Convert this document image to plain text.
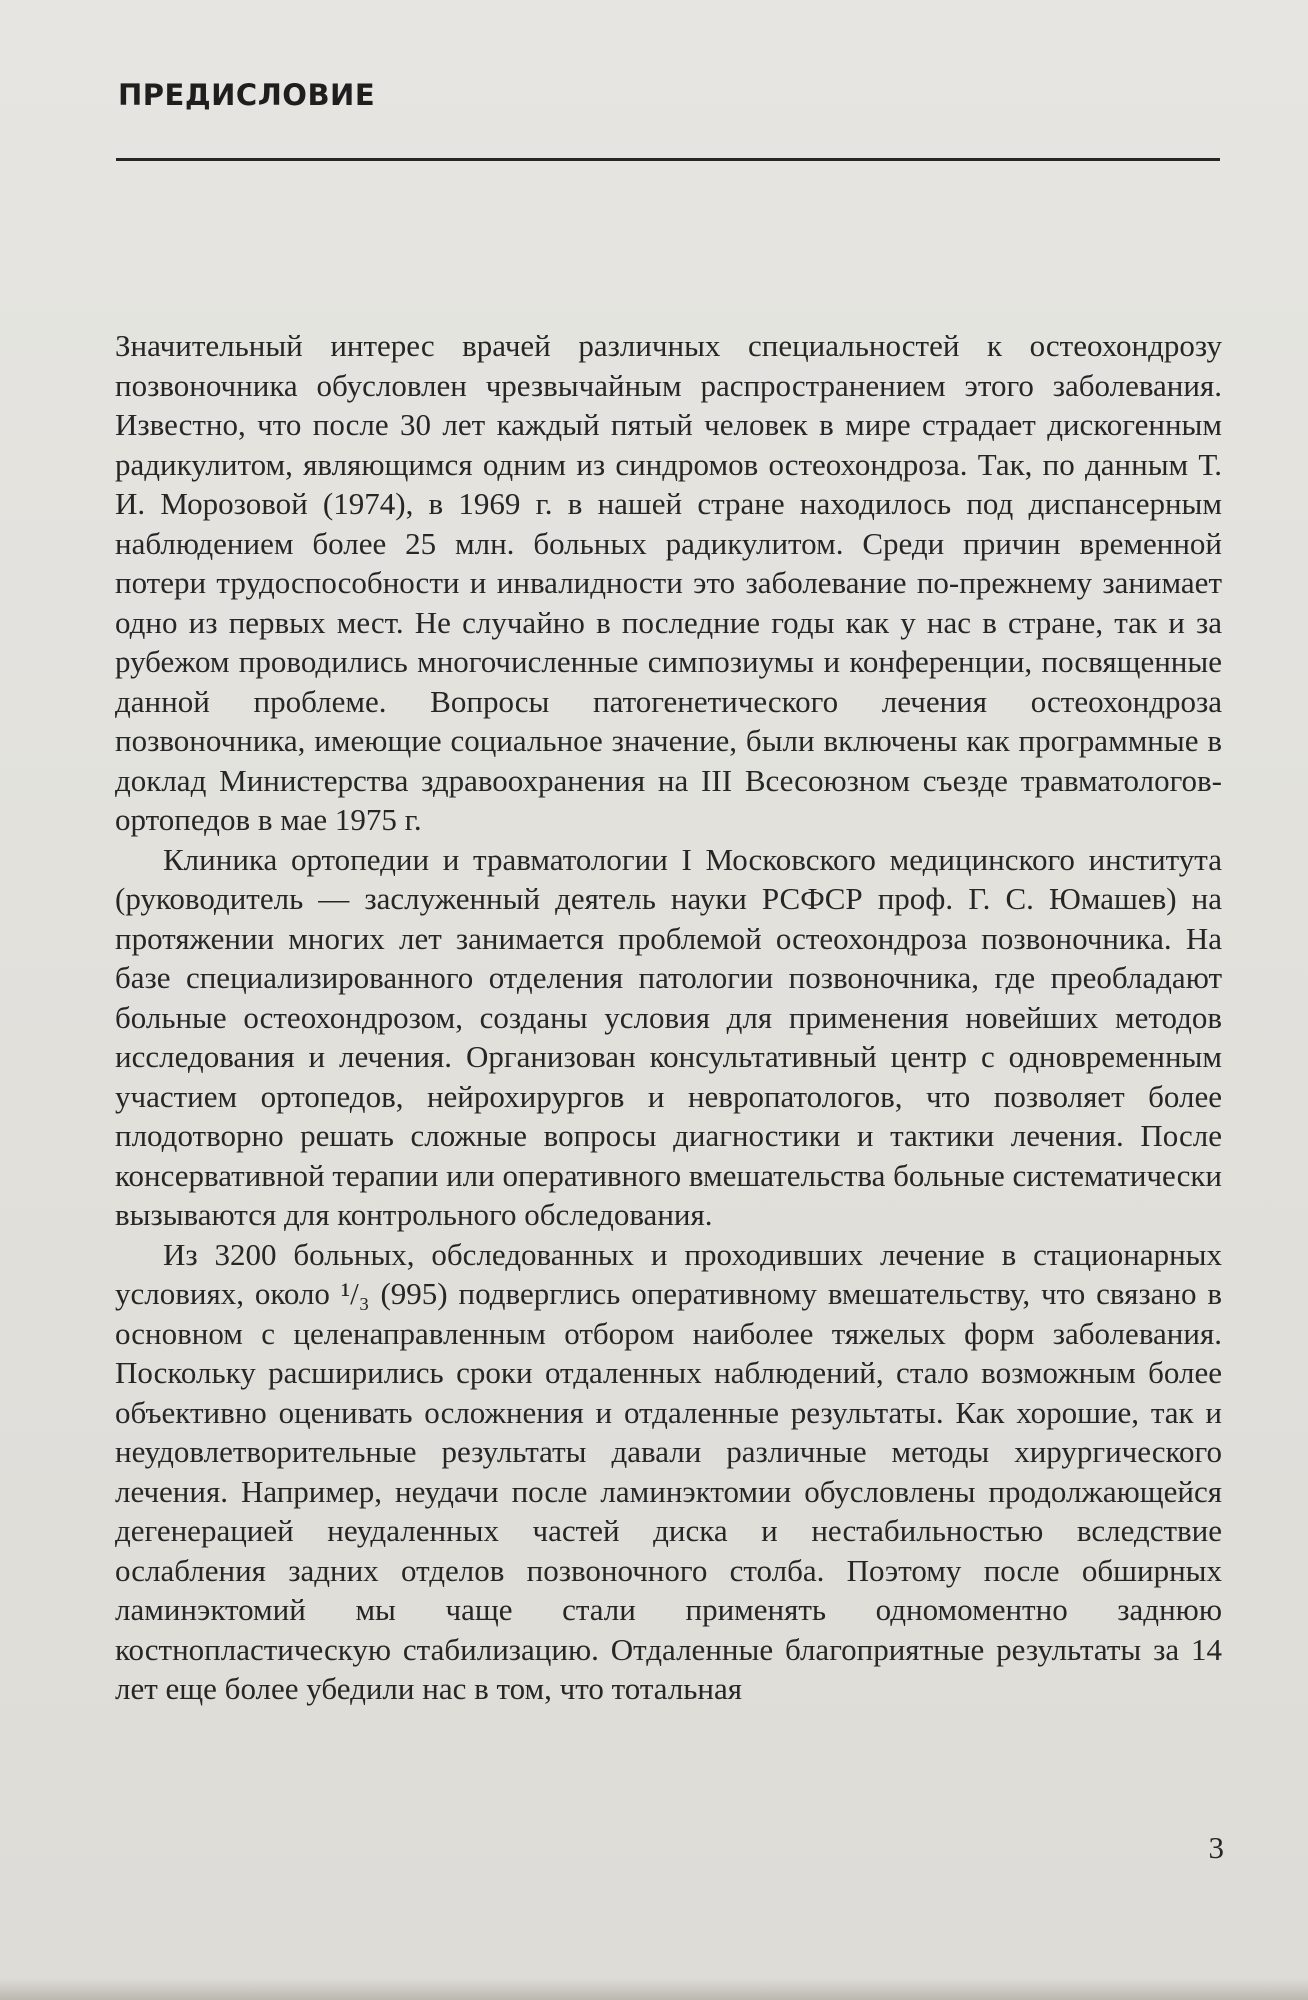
ПРЕДИСЛОВИЕ

Значительный интерес врачей различных специальностей к остеохондрозу позвоночника обусловлен чрезвычайным распространением этого заболевания. Известно, что после 30 лет каждый пятый человек в мире страдает дискогенным радикулитом, являющимся одним из синдромов остеохондроза. Так, по данным Т. И. Морозовой (1974), в 1969 г. в нашей стране находилось под диспансерным наблюдением более 25 млн. больных радикулитом. Среди причин временной потери трудоспособности и инвалидности это заболевание по-прежнему занимает одно из первых мест. Не случайно в последние годы как у нас в стране, так и за рубежом проводились многочисленные симпозиумы и конференции, посвященные данной проблеме. Вопросы патогенетического лечения остеохондроза позвоночника, имеющие социальное значение, были включены как программные в доклад Министерства здравоохранения на III Всесоюзном съезде травматологов-ортопедов в мае 1975 г.

Клиника ортопедии и травматологии I Московского медицинского института (руководитель — заслуженный деятель науки РСФСР проф. Г. С. Юмашев) на протяжении многих лет занимается проблемой остеохондроза позвоночника. На базе специализированного отделения патологии позвоночника, где преобладают больные остеохондрозом, созданы условия для применения новейших методов исследования и лечения. Организован консультативный центр с одновременным участием ортопедов, нейрохирургов и невропатологов, что позволяет более плодотворно решать сложные вопросы диагностики и тактики лечения. После консервативной терапии или оперативного вмешательства больные систематически вызываются для контрольного обследования.

Из 3200 больных, обследованных и проходивших лечение в стационарных условиях, около ¹/₃ (995) подверглись оперативному вмешательству, что связано в основном с целенаправленным отбором наиболее тяжелых форм заболевания. Поскольку расширились сроки отдаленных наблюдений, стало возможным более объективно оценивать осложнения и отдаленные результаты. Как хорошие, так и неудовлетворительные результаты давали различные методы хирургического лечения. Например, неудачи после ламинэктомии обусловлены продолжающейся дегенерацией неудаленных частей диска и нестабильностью вследствие ослабления задних отделов позвоночного столба. Поэтому после обширных ламинэктомий мы чаще стали применять одномоментно заднюю костнопластическую стабилизацию. Отдаленные благоприятные результаты за 14 лет еще более убедили нас в том, что тотальная

3
